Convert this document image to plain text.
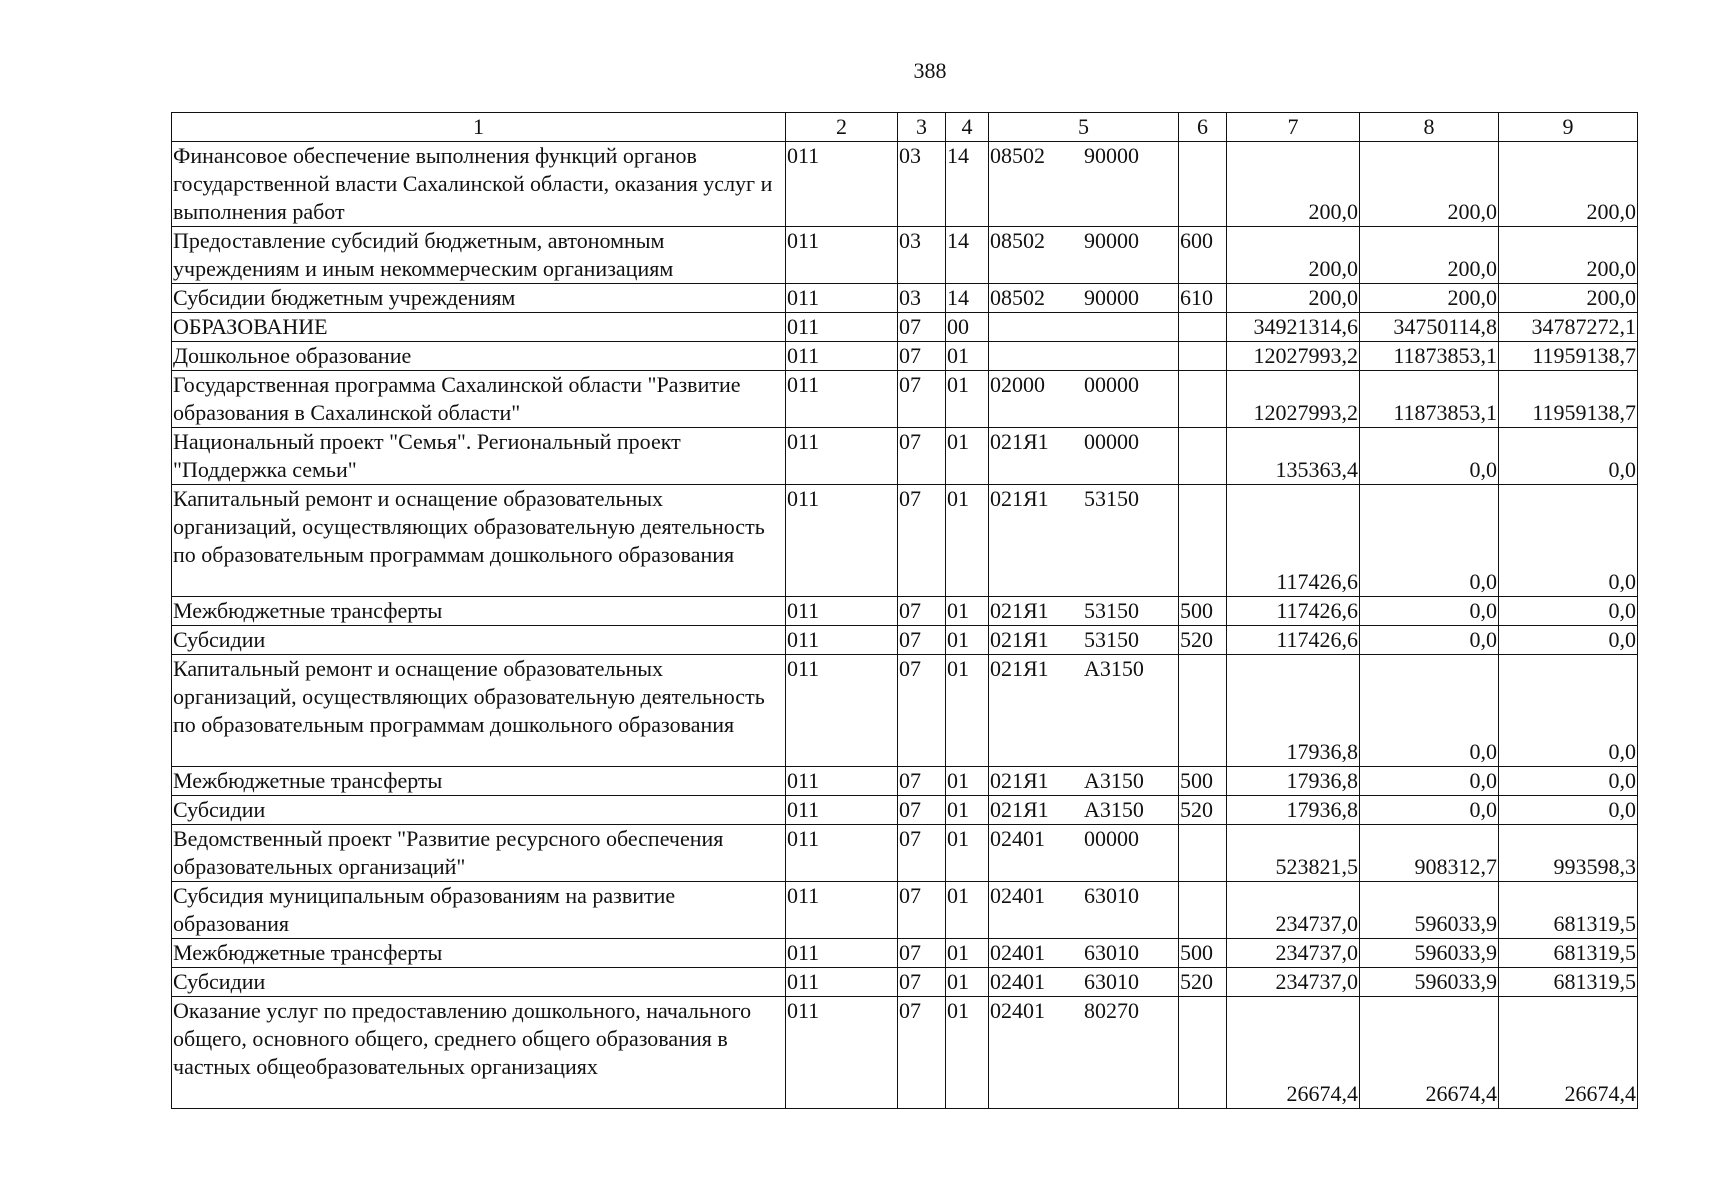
388
1	2	3	4	5	6	7	8	9
Финансовое обеспечение выполнения функций органов государственной власти Сахалинской области, оказания услуг и выполнения работ	011	03	14	08502 90000		200,0	200,0	200,0
Предоставление субсидий бюджетным, автономным учреждениям и иным некоммерческим организациям	011	03	14	08502 90000	600	200,0	200,0	200,0
Субсидии бюджетным учреждениям	011	03	14	08502 90000	610	200,0	200,0	200,0
ОБРАЗОВАНИЕ	011	07	00			34921314,6	34750114,8	34787272,1
Дошкольное образование	011	07	01			12027993,2	11873853,1	11959138,7
Государственная программа Сахалинской области "Развитие образования в Сахалинской области"	011	07	01	02000 00000		12027993,2	11873853,1	11959138,7
Национальный проект "Семья". Региональный проект "Поддержка семьи"	011	07	01	021Я1 00000		135363,4	0,0	0,0
Капитальный ремонт и оснащение образовательных организаций, осуществляющих образовательную деятельность по образовательным программам дошкольного образования	011	07	01	021Я1 53150		117426,6	0,0	0,0
Межбюджетные трансферты	011	07	01	021Я1 53150	500	117426,6	0,0	0,0
Субсидии	011	07	01	021Я1 53150	520	117426,6	0,0	0,0
Капитальный ремонт и оснащение образовательных организаций, осуществляющих образовательную деятельность по образовательным программам дошкольного образования	011	07	01	021Я1 А3150		17936,8	0,0	0,0
Межбюджетные трансферты	011	07	01	021Я1 А3150	500	17936,8	0,0	0,0
Субсидии	011	07	01	021Я1 А3150	520	17936,8	0,0	0,0
Ведомственный проект "Развитие ресурсного обеспечения образовательных организаций"	011	07	01	02401 00000		523821,5	908312,7	993598,3
Субсидия муниципальным образованиям на развитие образования	011	07	01	02401 63010		234737,0	596033,9	681319,5
Межбюджетные трансферты	011	07	01	02401 63010	500	234737,0	596033,9	681319,5
Субсидии	011	07	01	02401 63010	520	234737,0	596033,9	681319,5
Оказание услуг по предоставлению дошкольного, начального общего, основного общего, среднего общего образования в частных общеобразовательных организациях	011	07	01	02401 80270		26674,4	26674,4	26674,4
